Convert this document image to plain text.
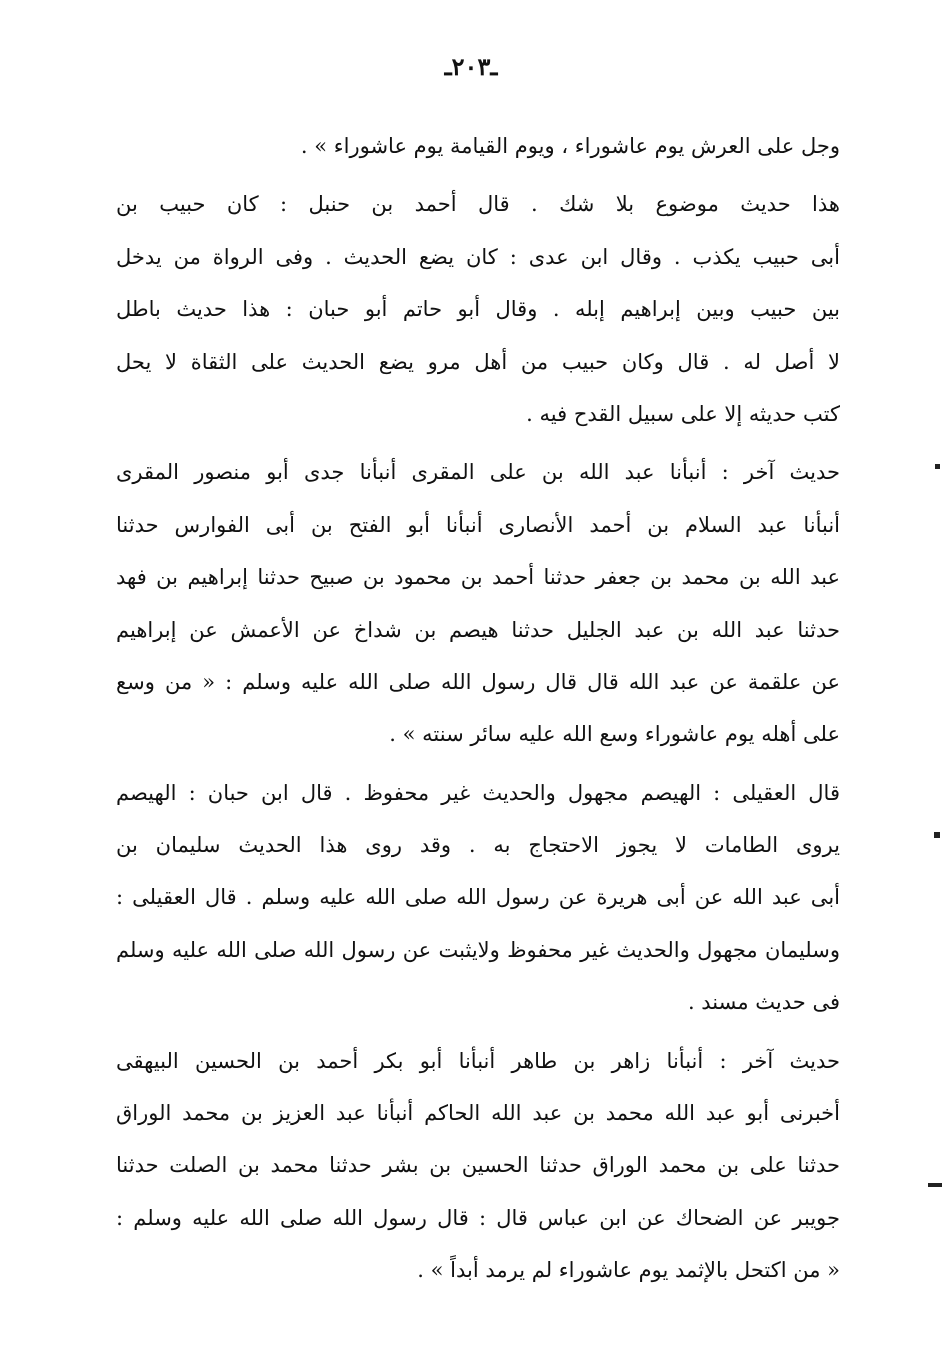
ـ٢٠٣ـ
وجل على العرش يوم عاشوراء ، ويوم القيامة يوم عاشوراء » .
هذا حديث موضوع بلا شك . قال أحمد بن حنبل : كان حبيب بن
أبى حبيب يكذب . وقال ابن عدى : كان يضع الحديث . وفى الرواة من يدخل
بين حبيب وبين إبراهيم إبله . وقال أبو حاتم أبو حبان : هذا حديث باطل
لا أصل له . قال وكان حبيب من أهل مرو يضع الحديث على الثقاة لا يحل
كتب حديثه إلا على سبيل القدح فيه .
حديث آخر : أنبأنا عبد الله بن على المقرى أنبأنا جدى أبو منصور المقرى
أنبأنا عبد السلام بن أحمد الأنصارى أنبأنا أبو الفتح بن أبى الفوارس حدثنا
عبد الله بن محمد بن جعفر حدثنا أحمد بن محمود بن صبيح حدثنا إبراهيم بن فهد
حدثنا عبد الله بن عبد الجليل حدثنا هيصم بن شداخ عن الأعمش عن إبراهيم
عن علقمة عن عبد الله قال قال رسول الله صلى الله عليه وسلم : « من وسع
على أهله يوم عاشوراء وسع الله عليه سائر سنته » .
قال العقيلى : الهيصم مجهول والحديث غير محفوظ . قال ابن حبان : الهيصم
يروى الطامات لا يجوز الاحتجاج به . وقد روى هذا الحديث سليمان بن
أبى عبد الله عن أبى هريرة عن رسول الله صلى الله عليه وسلم . قال العقيلى :
وسليمان مجهول والحديث غير محفوظ ولايثبت عن رسول الله صلى الله عليه وسلم
فى حديث مسند .
حديث آخر : أنبأنا زاهر بن طاهر أنبأنا أبو بكر أحمد بن الحسين البيهقى
أخبرنى أبو عبد الله محمد بن عبد الله الحاكم أنبأنا عبد العزيز بن محمد الوراق
حدثنا على بن محمد الوراق حدثنا الحسين بن بشر حدثنا محمد بن الصلت حدثنا
جويبر عن الضحاك عن ابن عباس قال : قال رسول الله صلى الله عليه وسلم :
« من اكتحل بالإثمد يوم عاشوراء لم يرمد أبداً » .
